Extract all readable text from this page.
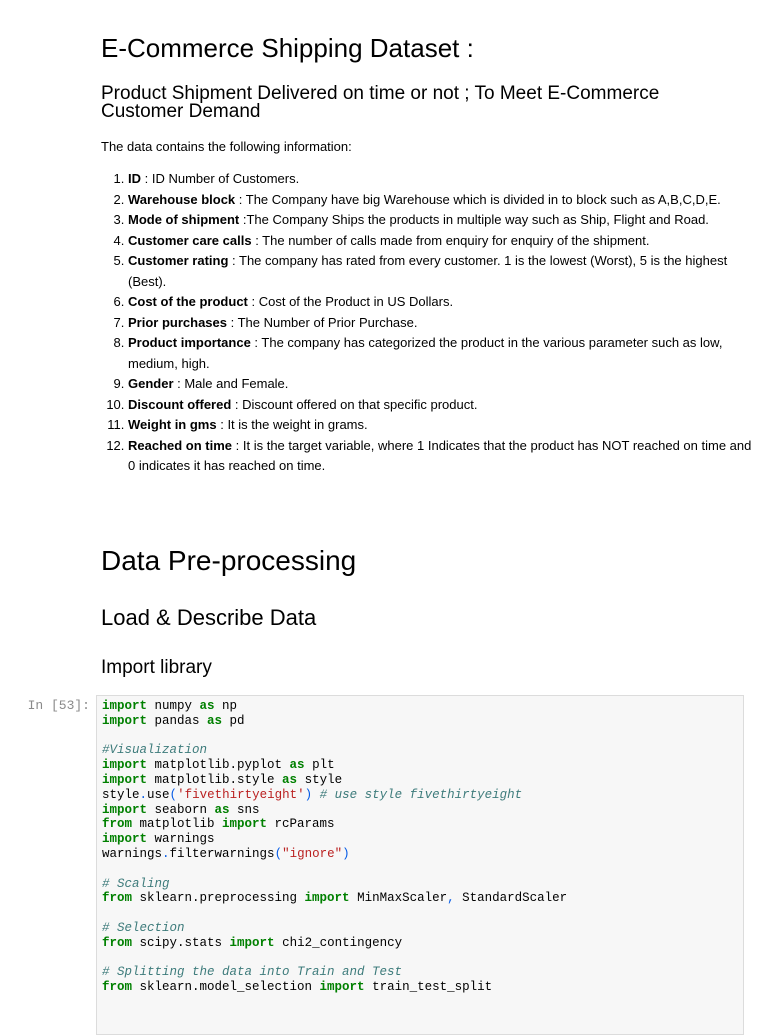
E-Commerce Shipping Dataset :
Product Shipment Delivered on time or not ; To Meet E-Commerce Customer Demand

The data contains the following information:

1. ID : ID Number of Customers.
2. Warehouse block : The Company have big Warehouse which is divided in to block such as A,B,C,D,E.
3. Mode of shipment :The Company Ships the products in multiple way such as Ship, Flight and Road.
4. Customer care calls : The number of calls made from enquiry for enquiry of the shipment.
5. Customer rating : The company has rated from every customer. 1 is the lowest (Worst), 5 is the highest (Best).
6. Cost of the product : Cost of the Product in US Dollars.
7. Prior purchases : The Number of Prior Purchase.
8. Product importance : The company has categorized the product in the various parameter such as low, medium, high.
9. Gender : Male and Female.
10. Discount offered : Discount offered on that specific product.
11. Weight in gms : It is the weight in grams.
12. Reached on time : It is the target variable, where 1 Indicates that the product has NOT reached on time and 0 indicates it has reached on time.
Data Pre-processing
Load & Describe Data
Import library
In [53]: import numpy as np
import pandas as pd

#Visualization
import matplotlib.pyplot as plt
import matplotlib.style as style
style.use('fivethirtyeight') # use style fivethirtyeight
import seaborn as sns
from matplotlib import rcParams
import warnings
warnings.filterwarnings("ignore")

# Scaling
from sklearn.preprocessing import MinMaxScaler, StandardScaler

# Selection
from scipy.stats import chi2_contingency

# Splitting the data into Train and Test
from sklearn.model_selection import train_test_split
